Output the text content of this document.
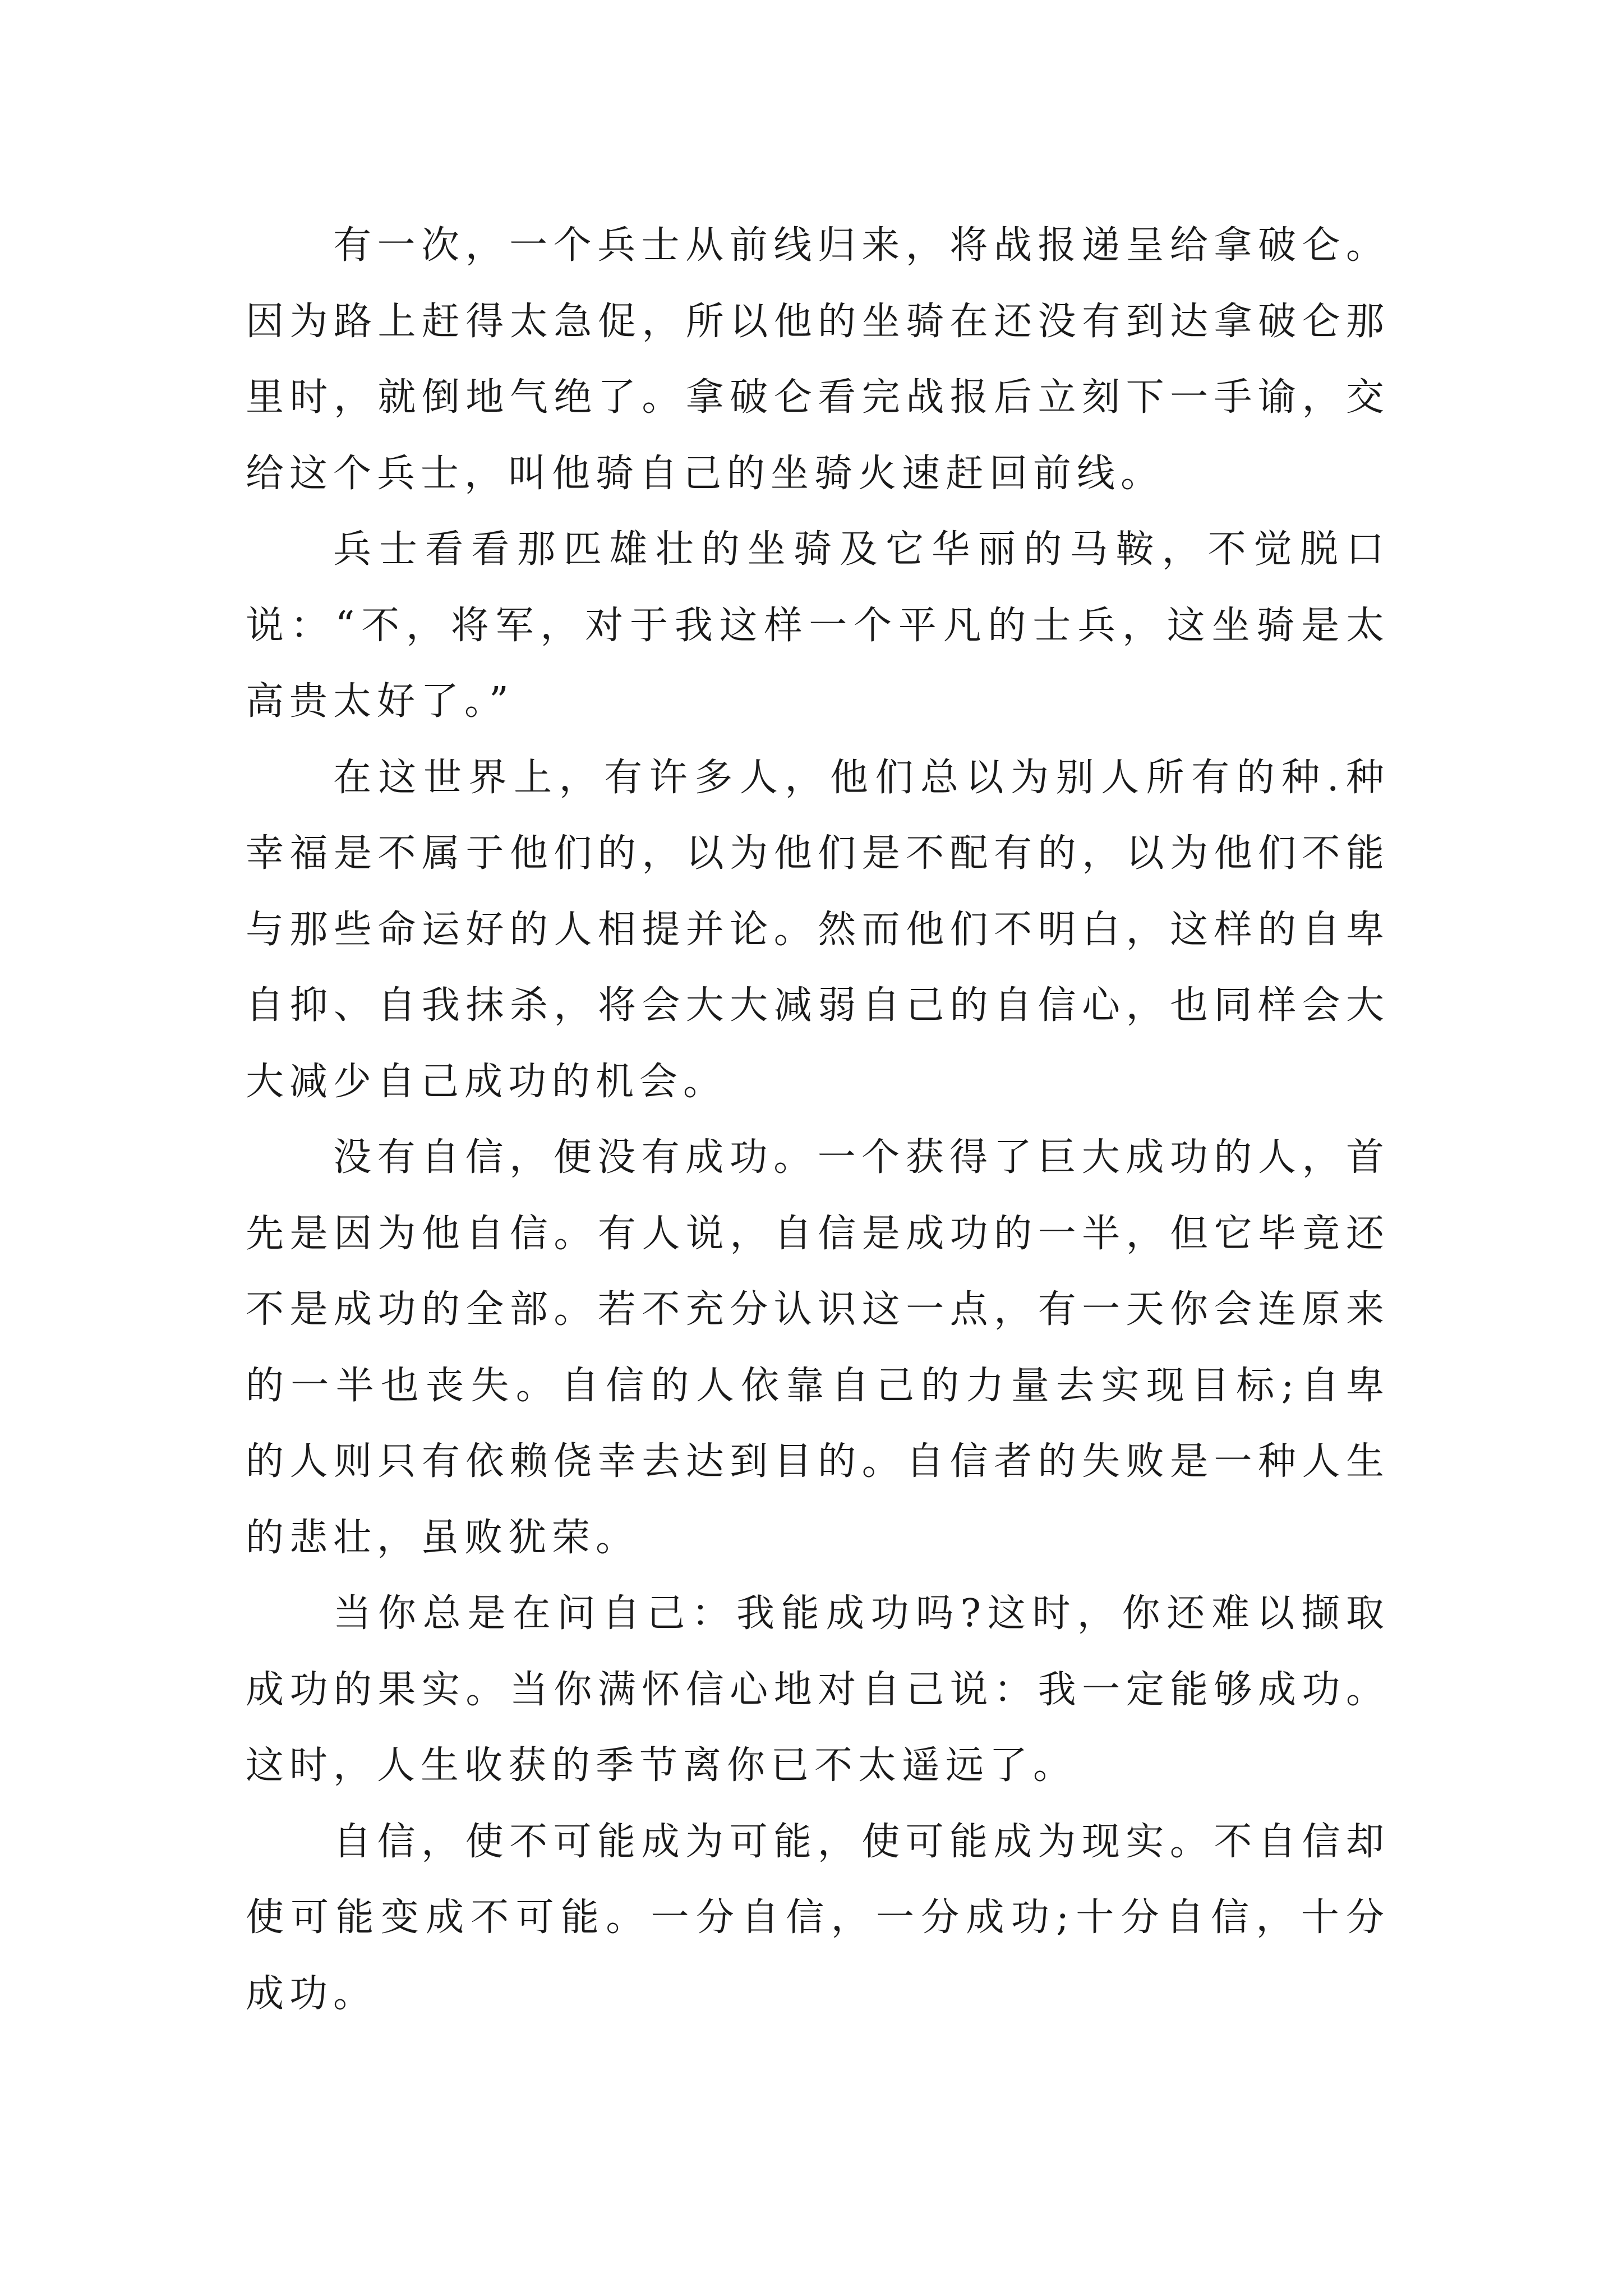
有一次，一个兵士从前线归来，将战报递呈给拿破仑。因为路上赶得太急促，所以他的坐骑在还没有到达拿破仑那里时，就倒地气绝了。拿破仑看完战报后立刻下一手谕，交给这个兵士，叫他骑自己的坐骑火速赶回前线。

兵士看看那匹雄壮的坐骑及它华丽的马鞍，不觉脱口说：“不，将军，对于我这样一个平凡的士兵，这坐骑是太高贵太好了。”

在这世界上，有许多人，他们总以为别人所有的种.种幸福是不属于他们的，以为他们是不配有的，以为他们不能与那些命运好的人相提并论。然而他们不明白，这样的自卑自抑、自我抹杀，将会大大减弱自己的自信心，也同样会大大减少自己成功的机会。

没有自信，便没有成功。一个获得了巨大成功的人，首先是因为他自信。有人说，自信是成功的一半，但它毕竟还不是成功的全部。若不充分认识这一点，有一天你会连原来的一半也丧失。自信的人依靠自己的力量去实现目标;自卑的人则只有依赖侥幸去达到目的。自信者的失败是一种人生的悲壮，虽败犹荣。

当你总是在问自己：我能成功吗?这时，你还难以撷取成功的果实。当你满怀信心地对自己说：我一定能够成功。这时，人生收获的季节离你已不太遥远了。

自信，使不可能成为可能，使可能成为现实。不自信却使可能变成不可能。一分自信，一分成功;十分自信，十分成功。
